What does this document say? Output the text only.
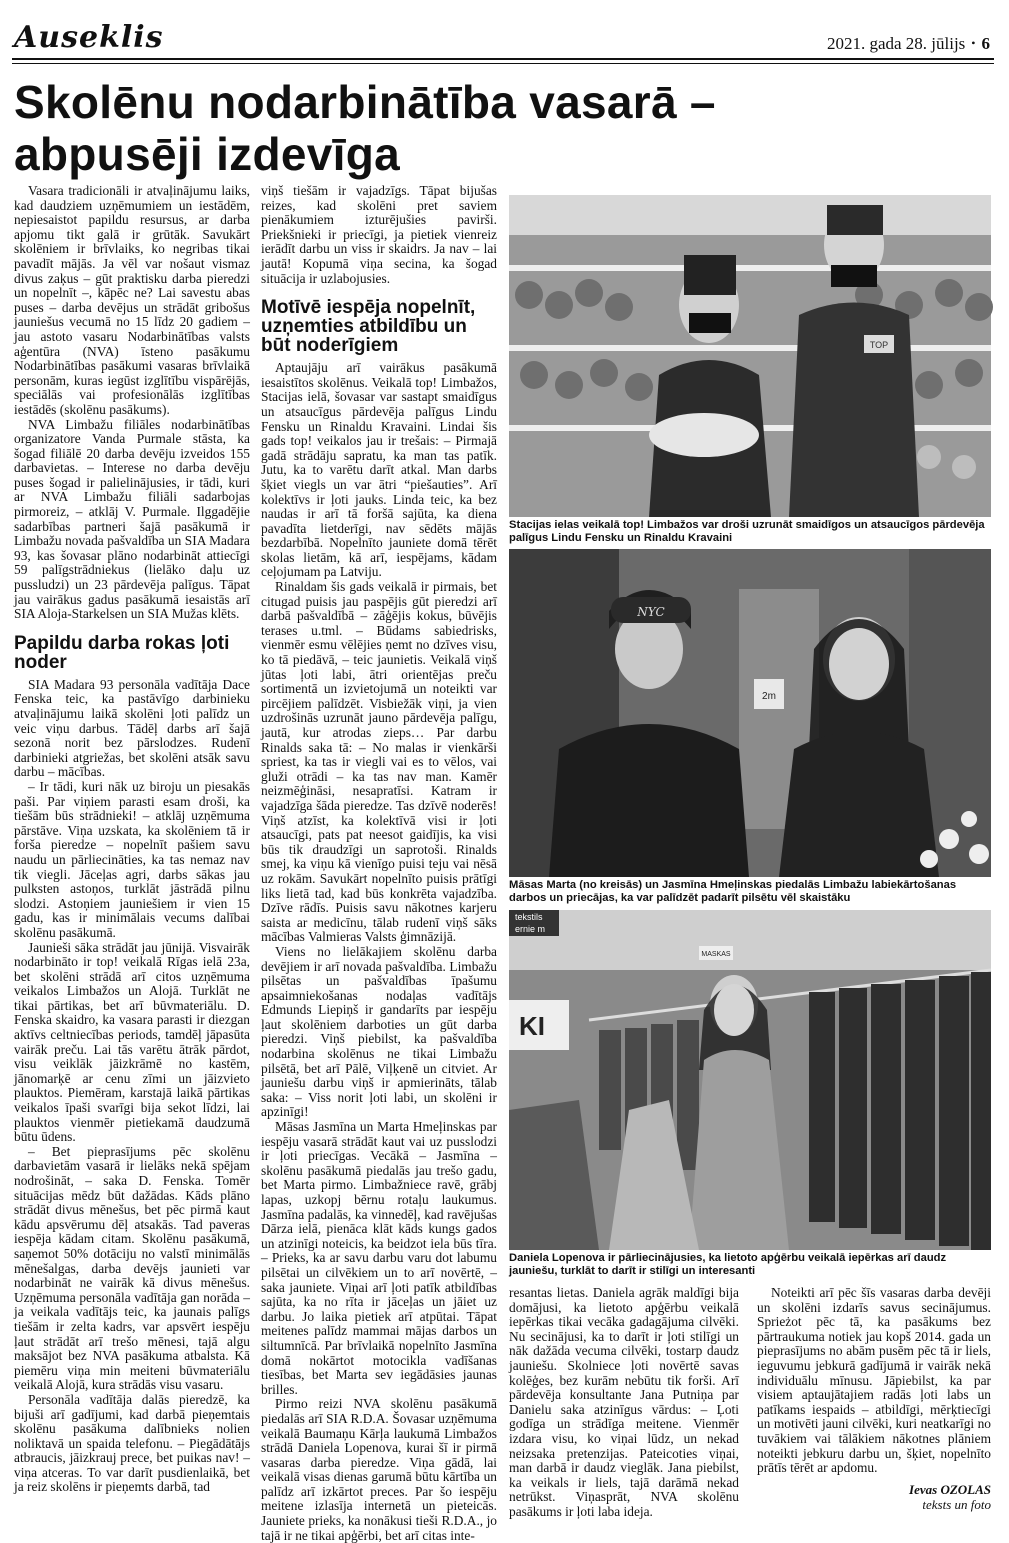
Auseklis	2021. gada 28. jūlijs • 6
Skolēnu nodarbinātība vasarā –
abpusēji izdevīga

Vasara tradicionāli ir atvaļinājumu laiks, kad daudziem uzņēmumiem un iestādēm, nepiesaistot papildu resursus, ar darba apjomu tikt galā ir grūtāk. Savukārt skolēniem ir brīvlaiks, ko negribas tikai pavadīt mājās. Ja vēl var nošaut vismaz divus zaķus – gūt praktisku darba pieredzi un nopelnīt –, kāpēc ne? Lai savestu abas puses – darba devējus un strādāt gribošus jauniešus vecumā no 15 līdz 20 gadiem – jau astoto vasaru Nodarbinātības valsts aģentūra (NVA) īsteno pasākumu Nodarbinātības pasākumi vasaras brīvlaikā personām, kuras iegūst izglītību vispārējās, speciālās vai profesionālās izglītības iestādēs (skolēnu pasākums).

NVA Limbažu filiāles nodarbinātības organizatore Vanda Purmale stāsta, ka šogad filiālē 20 darba devēju izveidos 155 darbavietas. – Interese no darba devēju puses šogad ir palielinājusies, ir tādi, kuri ar NVA Limbažu filiāli sadarbojas pirmoreiz, – atklāj V. Purmale. Ilggadējie sadarbības partneri šajā pasākumā ir Limbažu novada pašvaldība un SIA Madara 93, kas šovasar plāno nodarbināt attiecīgi 59 palīgstrādniekus (lielāko daļu uz pussludzi) un 23 pārdevēja palīgus. Tāpat jau vairākus gadus pasākumā iesaistās arī SIA Aloja-Starkelsen un SIA Mužas klēts.

Papildu darba rokas ļoti noder

SIA Madara 93 personāla vadītāja Dace Fenska teic, ka pastāvīgo darbinieku atvaļinājumu laikā skolēni ļoti palīdz un veic viņu darbus. Tādēļ darbs arī šajā sezonā norit bez pārslodzes. Rudenī darbinieki atgriežas, bet skolēni atsāk savu darbu – mācības.

– Ir tādi, kuri nāk uz biroju un piesakās paši. Par viņiem parasti esam droši, ka tiešām būs strādnieki! – atklāj uzņēmuma pārstāve. Viņa uzskata, ka skolēniem tā ir forša pieredze – nopelnīt pašiem savu naudu un pārliecināties, ka tas nemaz nav tik viegli. Jāceļas agri, darbs sākas jau pulksten astoņos, turklāt jāstrādā pilnu slodzi. Astoņiem jauniešiem ir vien 15 gadu, kas ir minimālais vecums dalībai skolēnu pasākumā.

Jaunieši sāka strādāt jau jūnijā. Visvairāk nodarbināto ir top! veikalā Rīgas ielā 23a, bet skolēni strādā arī citos uzņēmuma veikalos Limbažos un Alojā. Turklāt ne tikai pārtikas, bet arī būvmateriālu. D. Fenska skaidro, ka vasara parasti ir diezgan aktīvs celtniecības periods, tamdēļ jāpasūta vairāk preču. Lai tās varētu ātrāk pārdot, visu veiklāk jāizkrāmē no kastēm, jānomarķē ar cenu zīmi un jāizvieto plauktos. Piemēram, karstajā laikā pārtikas veikalos īpaši svarīgi bija sekot līdzi, lai plauktos vienmēr pietiekamā daudzumā būtu ūdens.

– Bet pieprasījums pēc skolēnu darbavietām vasarā ir lielāks nekā spējam nodrošināt, – saka D. Fenska. Tomēr situācijas mēdz būt dažādas. Kāds plāno strādāt divus mēnešus, bet pēc pirmā kaut kādu apsvērumu dēļ atsakās. Tad paveras iespēja kādam citam. Skolēnu pasākumā, saņemot 50% dotāciju no valstī minimālās mēnešalgas, darba devējs jaunieti var nodarbināt ne vairāk kā divus mēnešus. Uzņēmuma personāla vadītāja gan norāda – ja veikala vadītājs teic, ka jaunais palīgs tiešām ir zelta kadrs, var apsvērt iespēju ļaut strādāt arī trešo mēnesi, tajā algu maksājot bez NVA pasākuma atbalsta. Kā piemēru viņa min meiteni būvmateriālu veikalā Alojā, kura strādās visu vasaru.

Personāla vadītāja dalās pieredzē, ka bijuši arī gadījumi, kad darbā pieņemtais skolēnu pasākuma dalībnieks nolien noliktavā un spaida telefonu. – Piegādātājs atbraucis, jāizkrauj prece, bet puikas nav! – viņa atceras. To var darīt pusdienlaikā, bet ja reiz skolēns ir pieņemts darbā, tad

viņš tiešām ir vajadzīgs. Tāpat bijušas reizes, kad skolēni pret saviem pienākumiem izturējušies pavirši. Priekšnieki ir priecīgi, ja pietiek vienreiz ierādīt darbu un viss ir skaidrs. Ja nav – lai jautā! Kopumā viņa secina, ka šogad situācija ir uzlabojusies.

Motīvē iespēja nopelnīt, uzņemties atbildību un būt noderīgiem

Aptaujāju arī vairākus pasākumā iesaistītos skolēnus. Veikalā top! Limbažos, Stacijas ielā, šovasar var sastapt smaidīgus un atsaucīgus pārdevēja palīgus Lindu Fensku un Rinaldu Kravaini. Lindai šis gads top! veikalos jau ir trešais: – Pirmajā gadā strādāju sapratu, ka man tas patīk. Jutu, ka to varētu darīt atkal. Man darbs šķiet viegls un var ātri “piešauties”. Arī kolektīvs ir ļoti jauks. Linda teic, ka bez naudas ir arī tā foršā sajūta, ka diena pavadīta lietderīgi, nav sēdēts mājās bezdarbībā. Nopelnīto jauniete domā tērēt skolas lietām, kā arī, iespējams, kādam ceļojumam pa Latviju.

Rinaldam šis gads veikalā ir pirmais, bet citugad puisis jau paspējis gūt pieredzi arī darbā pašvaldībā – zāģējis kokus, būvējis terases u.tml. – Būdams sabiedrisks, vienmēr esmu vēlējies ņemt no dzīves visu, ko tā piedāvā, – teic jaunietis. Veikalā viņš jūtas ļoti labi, ātri orientējas preču sortimentā un izvietojumā un noteikti var pircējiem palīdzēt. Visbiežāk viņi, ja vien uzdrošinās uzrunāt jauno pārdevēja palīgu, jautā, kur atrodas zieps… Par darbu Rinalds saka tā: – No malas ir vienkārši spriest, ka tas ir viegli vai es to vēlos, vai gluži otrādi – ka tas nav man. Kamēr neizmēģināsi, nesapratīsi. Katram ir vajadzīga šāda pieredze. Tas dzīvē noderēs! Viņš atzīst, ka kolektīvā visi ir ļoti atsaucīgi, pats pat neesot gaidījis, ka visi būs tik draudzīgi un saprotoši. Rinalds smej, ka viņu kā vienīgo puisi teju vai nēsā uz rokām. Savukārt nopelnīto puisis prātīgi liks lietā tad, kad būs konkrēta vajadzība. Dzīve rādīs. Puisis savu nākotnes karjeru saista ar medicīnu, tālab rudenī viņš sāks mācības Valmieras Valsts ģimnāzijā.

Viens no lielākajiem skolēnu darba devējiem ir arī novada pašvaldība. Limbažu pilsētas un pašvaldības īpašumu apsaimniekošanas nodaļas vadītājs Edmunds Liepiņš ir gandarīts par iespēju ļaut skolēniem darboties un gūt darba pieredzi. Viņš piebilst, ka pašvaldība nodarbina skolēnus ne tikai Limbažu pilsētā, bet arī Pālē, Viļķenē un citviet. Ar jauniešu darbu viņš ir apmierināts, tālab saka: – Viss norit ļoti labi, un skolēni ir apzinīgi!

Māsas Jasmīna un Marta Hmeļinskas par iespēju vasarā strādāt kaut vai uz pusslodzi ir ļoti priecīgas. Vecākā – Jasmīna – skolēnu pasākumā piedalās jau trešo gadu, bet Marta pirmo. Limbažniece ravē, grābj lapas, uzkopj bērnu rotaļu laukumus. Jasmīna padalās, ka vinnedēļ, kad ravējušas Dārza ielā, pienāca klāt kāds kungs gados un atzinīgi noteicis, ka beidzot iela būs tīra. – Prieks, ka ar savu darbu varu dot labumu pilsētai un cilvēkiem un to arī novērtē, – saka jauniete. Viņai arī ļoti patīk atbildības sajūta, ka no rīta ir jāceļas un jāiet uz darbu. Jo laika pietiek arī atpūtai. Tāpat meitenes palīdz mammai mājas darbos un siltumnīcā. Par brīvlaikā nopelnīto Jasmīna domā nokārtot motocikla vadīšanas tiesības, bet Marta sev iegādāsies jaunas brilles.

Pirmo reizi NVA skolēnu pasākumā piedalās arī SIA R.D.A. Šovasar uzņēmuma veikalā Baumaņu Kārļa laukumā Limbažos strādā Daniela Lopenova, kurai šī ir pirmā vasaras darba pieredze. Viņa gādā, lai veikalā visas dienas garumā būtu kārtība un palīdz arī izkārtot preces. Par šo iespēju meitene izlasīja internetā un pieteicās. Jauniete prieks, ka nonākusi tieši R.D.A., jo tajā ir ne tikai apģērbi, bet arī citas inte-

TOP
Stacijas ielas veikalā top! Limbažos var droši uzrunāt smaidīgos un atsaucīgos pārdevēja palīgus Lindu Fensku un Rinaldu Kravaini
2m
NYC
Māsas Marta (no kreisās) un Jasmīna Hmeļinskas piedalās Limbažu labiekārtošanas darbos un priecājas, ka var palīdzēt padarīt pilsētu vēl skaistāku
tekstils
ernie m
KI
MASKAS
Daniela Lopenova ir pārliecinājusies, ka lietoto apģērbu veikalā iepērkas arī daudz jauniešu, turklāt to darīt ir stilīgi un interesanti

resantas lietas. Daniela agrāk maldīgi bija domājusi, ka lietoto apģērbu veikalā iepērkas tikai vecāka gadagājuma cilvēki. Nu secinājusi, ka to darīt ir ļoti stilīgi un nāk dažāda vecuma cilvēki, tostarp daudz jauniešu. Skolniece ļoti novērtē savas kolēģes, bez kurām nebūtu tik forši. Arī pārdevēja konsultante Jana Putniņa par Danielu saka atzinīgus vārdus: – Ļoti godīga un strādīga meitene. Vienmēr izdara visu, ko viņai lūdz, un nekad neizsaka pretenzijas. Pateicoties viņai, man darbā ir daudz vieglāk. Jana piebilst, ka veikals ir liels, tajā darāmā nekad netrūkst. Viņasprāt, NVA skolēnu pasākums ir ļoti laba ideja.

Noteikti arī pēc šīs vasaras darba devēji un skolēni izdarīs savus secinājumus. Sprieżot pēc tā, ka pasākums bez pārtraukuma notiek jau kopš 2014. gada un pieprasījums no abām pusēm pēc tā ir liels, ieguvumu jebkurā gadījumā ir vairāk nekā individuālu mīnusu. Jāpiebilst, ka par visiem aptaujātajiem radās ļoti labs un patīkams iespaids – atbildīgi, mērķtiecīgi un motivēti jauni cilvēki, kuri neatkarīgi no tuvākiem vai tālākiem nākotnes plāniem noteikti jebkuru darbu un, šķiet, nopelnīto prātīs tērēt ar apdomu.

Ievas OZOLAS
teksts un foto
